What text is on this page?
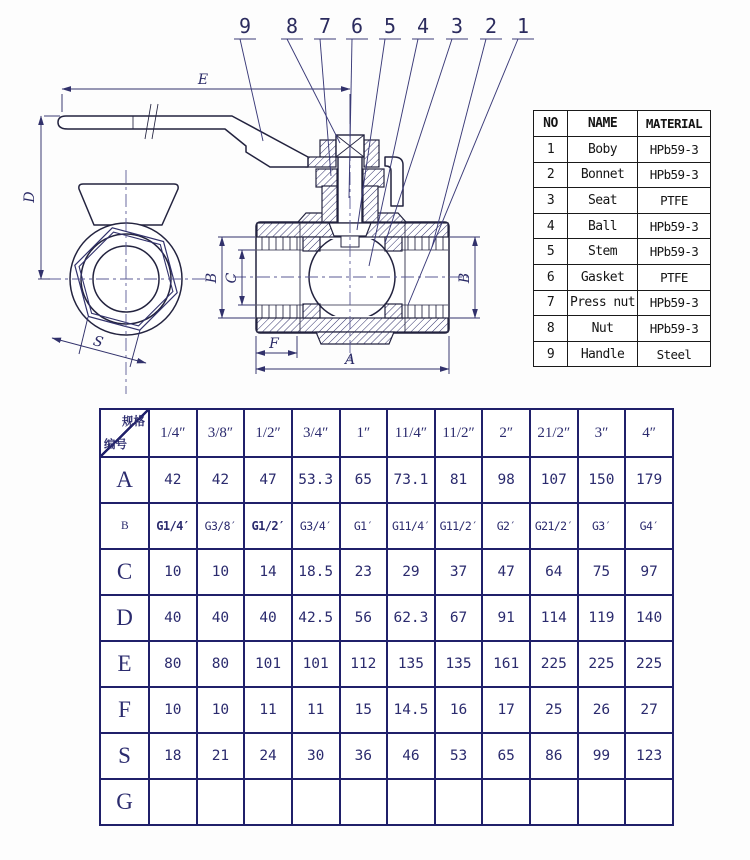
E
D
B C	B
F
A
S
9 8 7 6 5 4 3 2 1
NO	NAME	MATERIAL
1	Boby	HPb59-3
2	Bonnet	HPb59-3
3	Seat	PTFE
4	Ball	HPb59-3
5	Stem	HPb59-3
6	Gasket	PTFE
7	Press nut	HPb59-3
8	Nut	HPb59-3
9	Handle	Steel
规格
编号	1/4″	3/8″	1/2″	3/4″	1″	11/4″	11/2″	2″	21/2″	3″	4″
A	42	42	47	53.3	65	73.1	81	98	107	150	179
B	G1/4′	G3/8′	G1/2′	G3/4′	G1′	G11/4′	G11/2′	G2′	G21/2′	G3′	G4′
C	10	10	14	18.5	23	29	37	47	64	75	97
D	40	40	40	42.5	56	62.3	67	91	114	119	140
E	80	80	101	101	112	135	135	161	225	225	225
F	10	10	11	11	15	14.5	16	17	25	26	27
S	18	21	24	30	36	46	53	65	86	99	123
G											
